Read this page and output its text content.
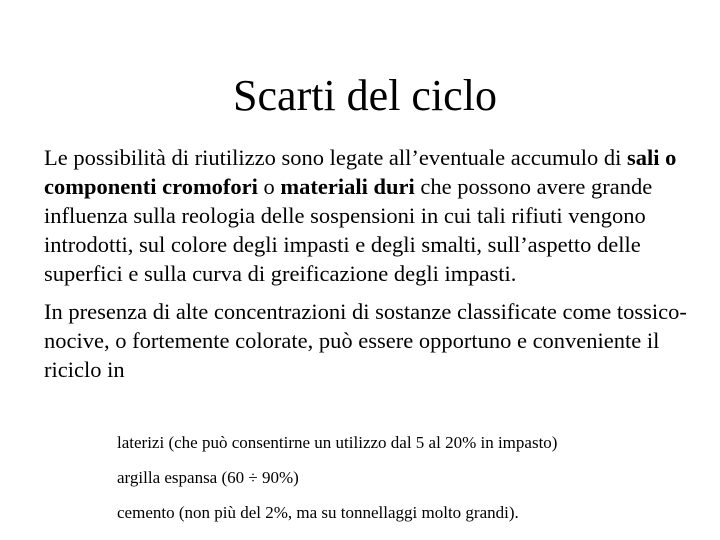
Scarti del ciclo

Le possibilità di riutilizzo sono legate all’eventuale accumulo di sali o componenti cromofori o materiali duri che possono avere grande influenza sulla reologia delle sospensioni in cui tali rifiuti vengono introdotti, sul colore degli impasti e degli smalti, sull’aspetto delle superfici e sulla curva di greificazione degli impasti.

In presenza di alte concentrazioni di sostanze classificate come tossico-nocive, o fortemente colorate, può essere opportuno e conveniente il riciclo in

laterizi (che può consentirne un utilizzo dal 5 al 20% in impasto)
argilla espansa (60 ÷ 90%)
cemento (non più del 2%, ma su tonnellaggi molto grandi).
